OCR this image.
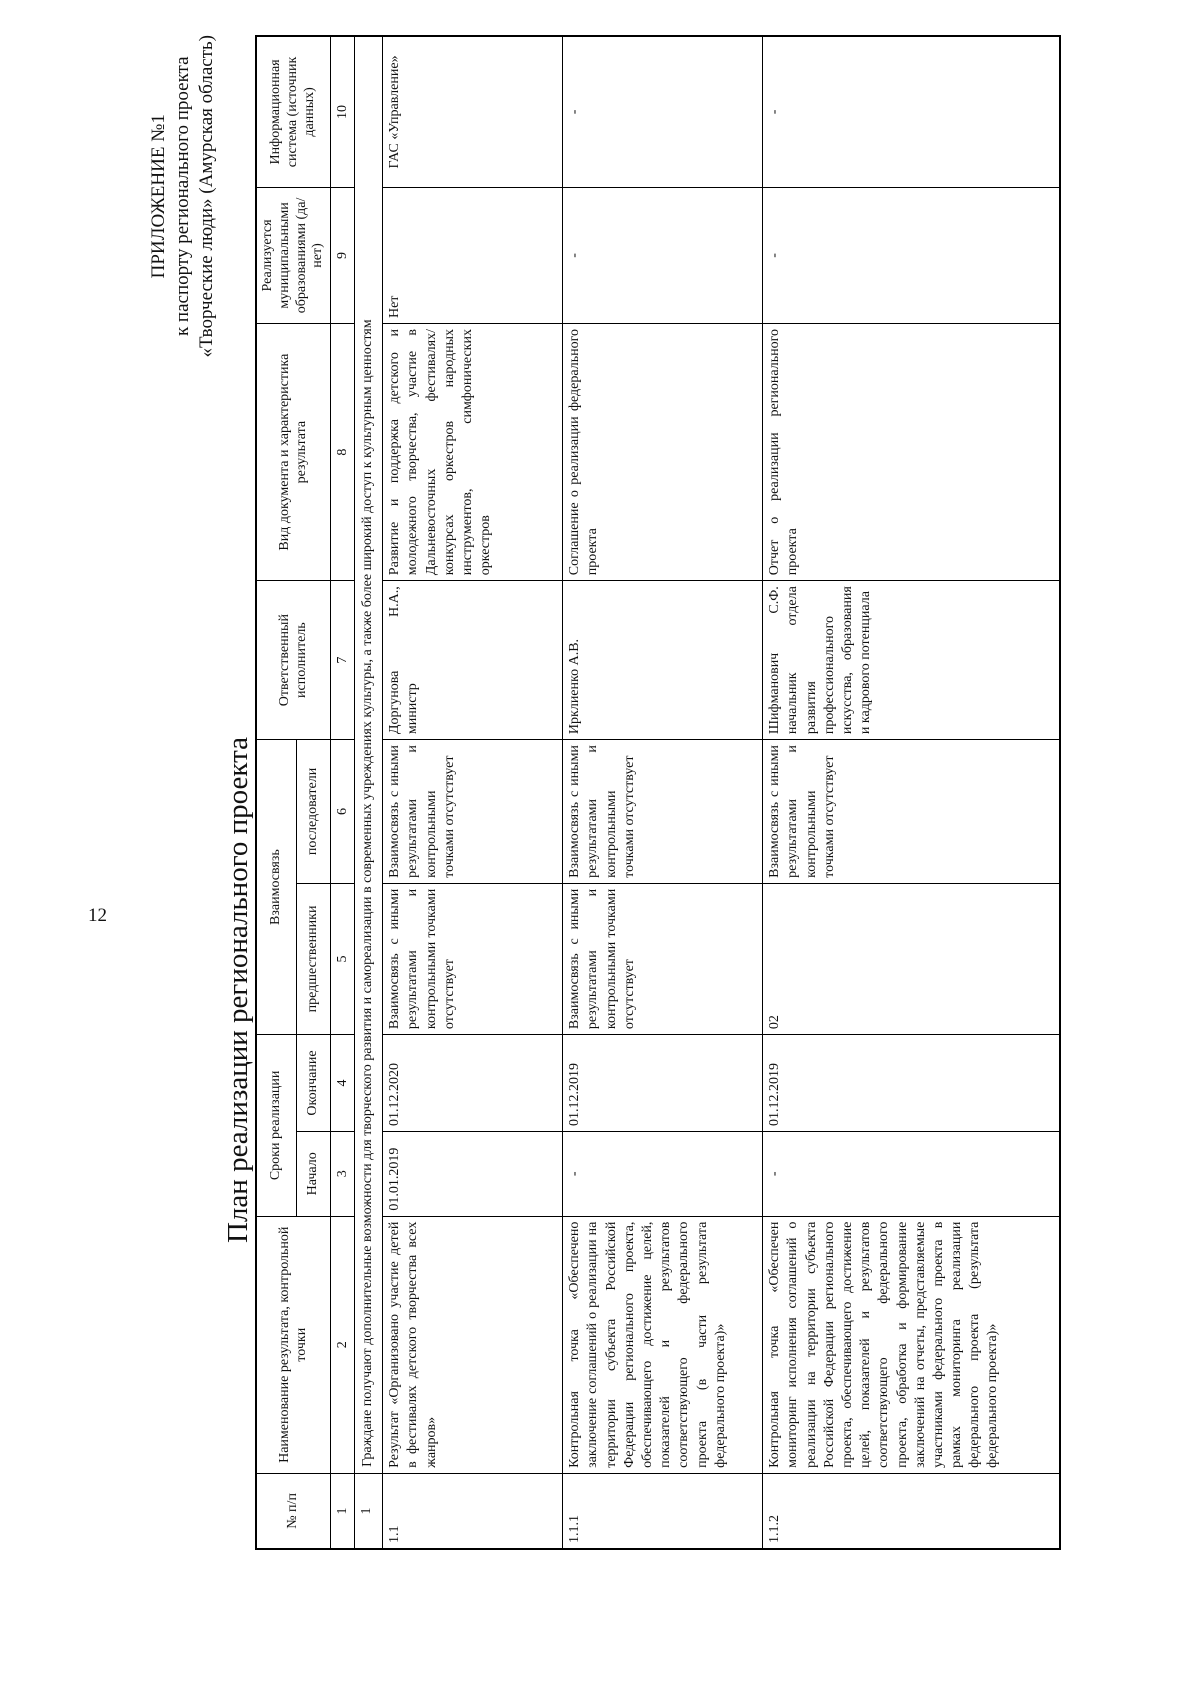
12
ПРИЛОЖЕНИЕ №1 к паспорту регионального проекта «Творческие люди» (Амурская область)
План реализации регионального проекта
№ п/п	Наименование результата, контрольной точки	Сроки реализации		Взаимосвязь		Ответственный исполнитель	Вид документа и характеристика результата	Реализуется муниципальными образованиями (да/нет)	Информационная система (источник данных)
		Начало	Окончание	предшественники	последователи				
1	2	3	4	5	6	7	8	9	10
1	Граждане получают дополнительные возможности для творческого развития и самореализации в современных учреждениях культуры, а также более широкий доступ к культурным ценностям								
1.1	Результат «Организовано участие детей в фестивалях детского творчества всех жанров»	01.01.2019	01.12.2020	Взаимосвязь с иными результатами и контрольными точками отсутствует	Взаимосвязь с иными результатами и контрольными точками отсутствует	Доргунова Н.А., министр	Развитие и поддержка детского и молодежного творчества, участие в Дальневосточных фестивалях/ конкурсах оркестров народных инструментов, симфонических оркестров	Нет	ГАС «Управление»
1.1.1	Контрольная точка «Обеспечено заключение соглашений о реализации на территории субъекта Российской Федерации регионального проекта, обеспечивающего достижение целей, показателей и результатов соответствующего федерального проекта (в части результата федерального проекта)»	-	01.12.2019	Взаимосвязь с иными результатами и контрольными точками отсутствует	Взаимосвязь с иными результатами и контрольными точками отсутствует	Ирклиенко А.В.	Соглашение о реализации федерального проекта	-	-
1.1.2	Контрольная точка «Обеспечен мониторинг исполнения соглашений о реализации на территории субъекта Российской Федерации регионального проекта, обеспечивающего достижение целей, показателей и результатов соответствующего федерального проекта, обработка и формирование заключений на отчеты, представляемые участниками федерального проекта в рамках мониторинга реализации федерального проекта (результата федерального проекта)»	-	01.12.2019	02	Взаимосвязь с иными результатами и контрольными точками отсутствует	Шифманович С.Ф. начальник отдела развития профессионального искусства, образования и кадрового потенциала	Отчет о реализации регионального проекта	-	-
